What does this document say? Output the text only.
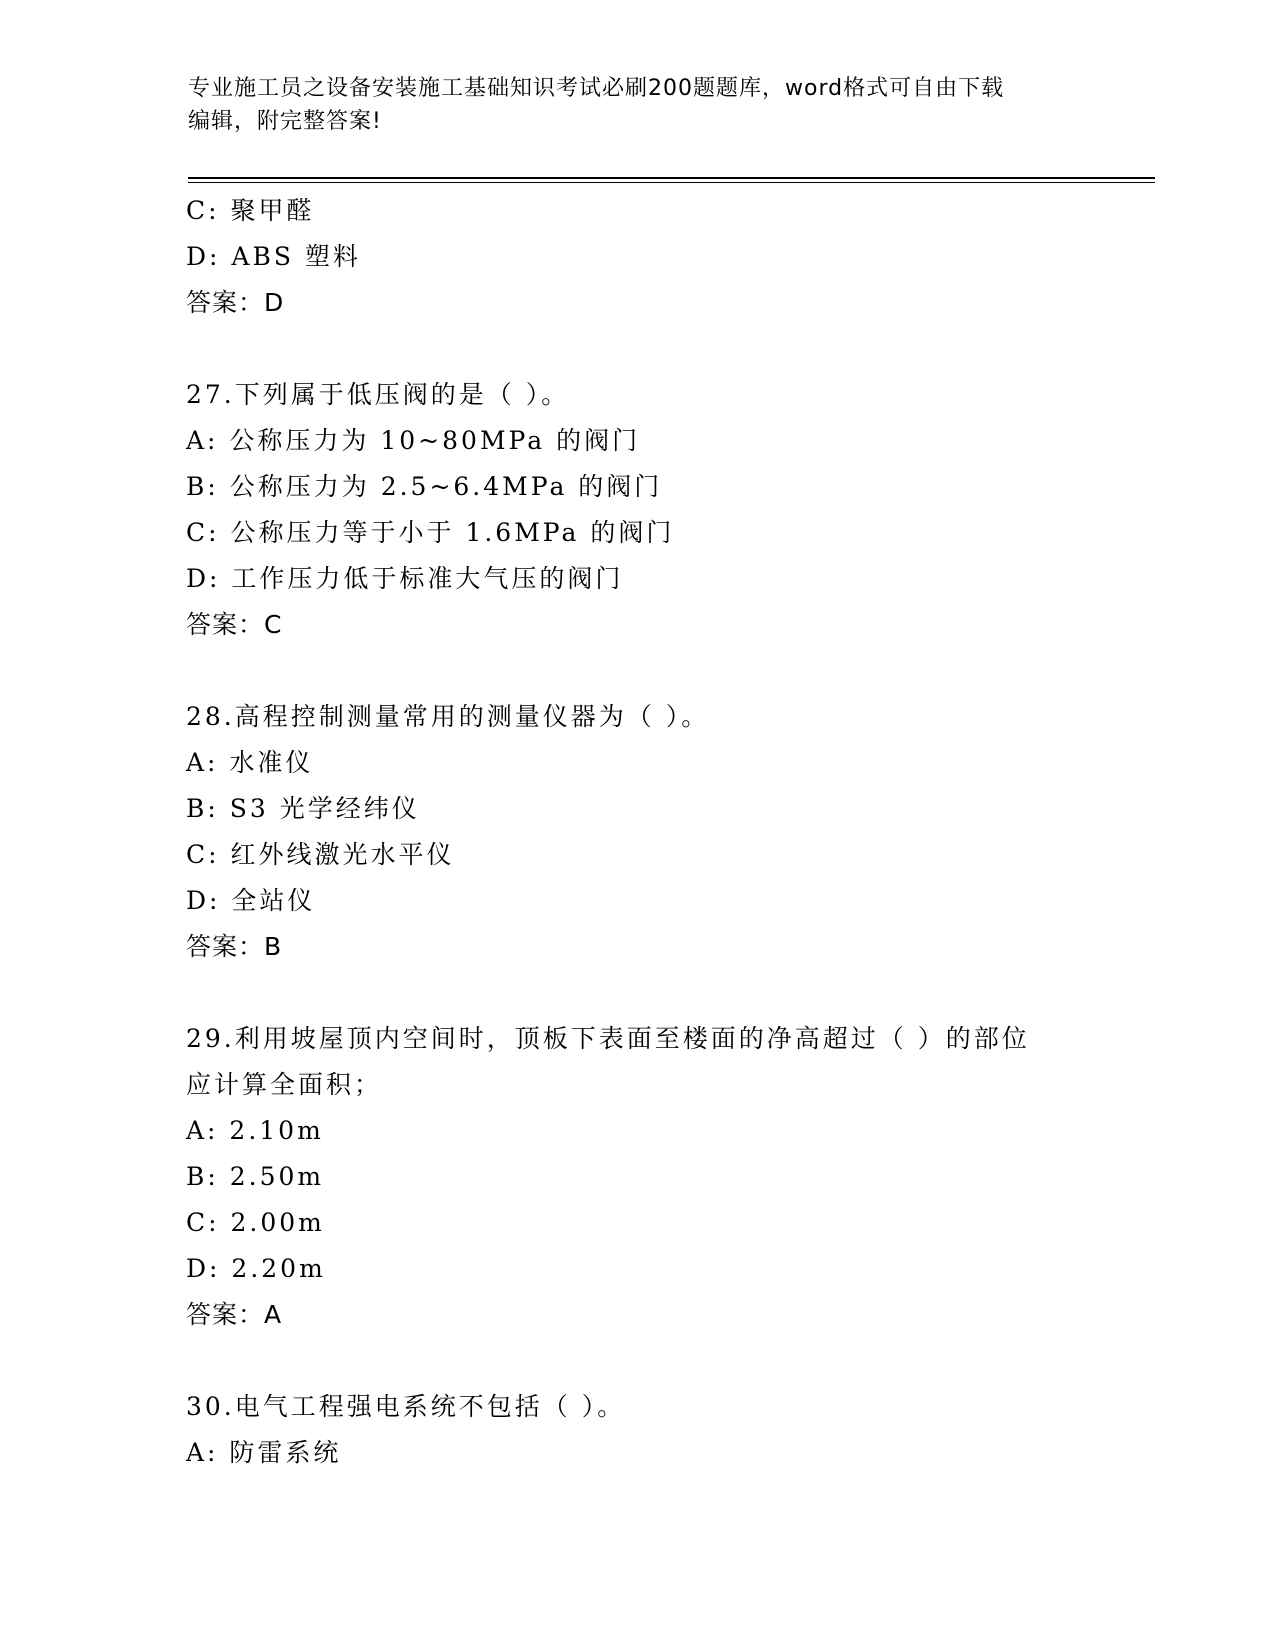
专业施工员之设备安装施工基础知识考试必刷200题题库，word格式可自由下载
编辑，附完整答案!
C: 聚甲醛
D: ABS 塑料
答案：D
27.下列属于低压阀的是（ ）。
A: 公称压力为 10~80MPa 的阀门
B: 公称压力为 2.5~6.4MPa 的阀门
C: 公称压力等于小于 1.6MPa 的阀门
D: 工作压力低于标准大气压的阀门
答案：C
28.高程控制测量常用的测量仪器为（ ）。
A: 水准仪
B: S3 光学经纬仪
C: 红外线激光水平仪
D: 全站仪
答案：B
29.利用坡屋顶内空间时，顶板下表面至楼面的净高超过（ ）的部位
应计算全面积；
A: 2.10m
B: 2.50m
C: 2.00m
D: 2.20m
答案：A
30.电气工程强电系统不包括（ ）。
A: 防雷系统
